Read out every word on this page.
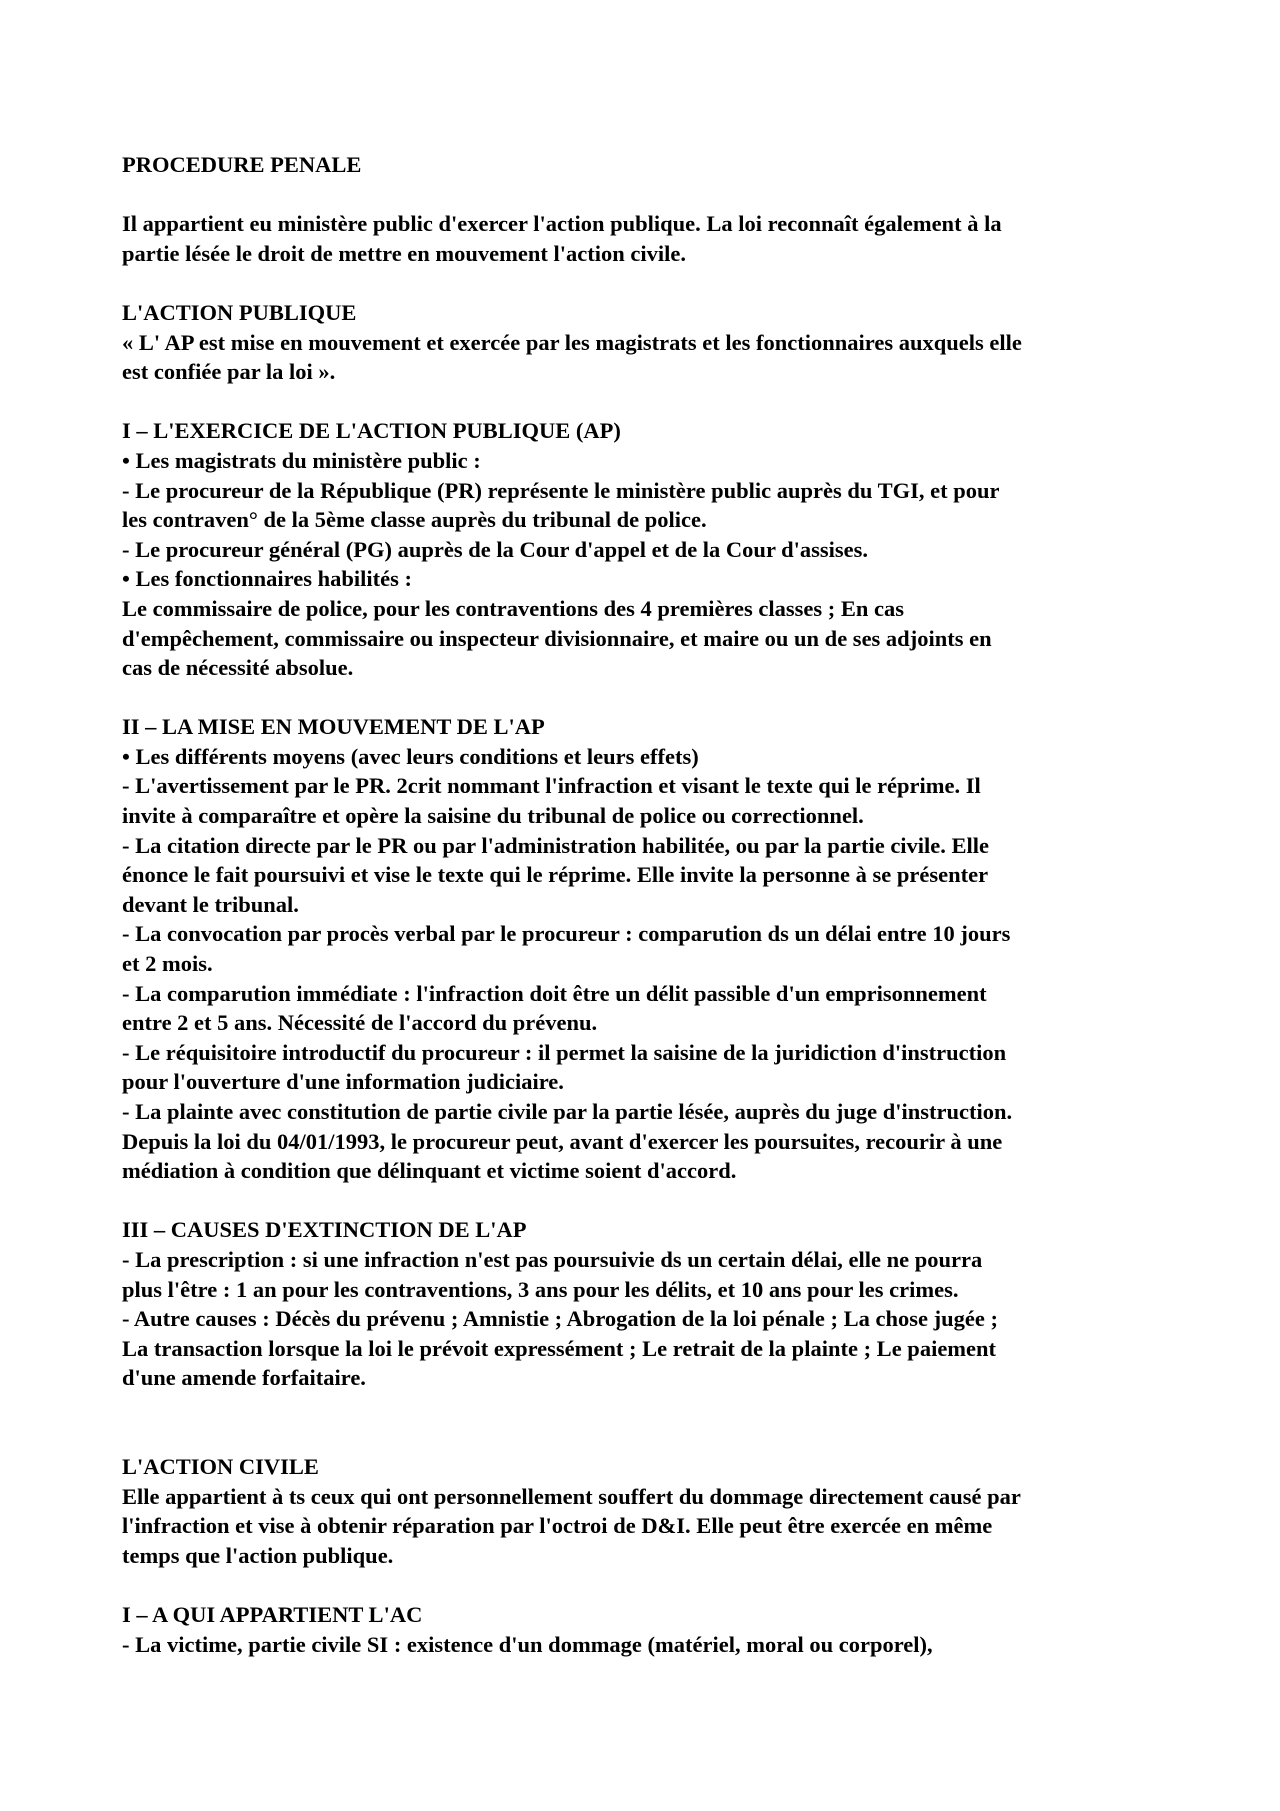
PROCEDURE PENALE
Il appartient eu ministère public d'exercer l'action publique. La loi reconnaît également à la
partie lésée le droit de mettre en mouvement l'action civile.
L'ACTION PUBLIQUE
« L' AP est mise en mouvement et exercée par les magistrats et les fonctionnaires auxquels elle
est confiée par la loi ».
I – L'EXERCICE DE L'ACTION PUBLIQUE (AP)
• Les magistrats du ministère public :
- Le procureur de la République (PR) représente le ministère public auprès du TGI, et pour
les contraven° de la 5ème classe auprès du tribunal de police.
- Le procureur général (PG) auprès de la Cour d'appel et de la Cour d'assises.
• Les fonctionnaires habilités :
Le commissaire de police, pour les contraventions des 4 premières classes ; En cas
d'empêchement, commissaire ou inspecteur divisionnaire, et maire ou un de ses adjoints en
cas de nécessité absolue.
II – LA MISE EN MOUVEMENT DE L'AP
• Les différents moyens (avec leurs conditions et leurs effets)
- L'avertissement par le PR. 2crit nommant l'infraction et visant le texte qui le réprime. Il
invite à comparaître et opère la saisine du tribunal de police ou correctionnel.
- La citation directe par le PR ou par l'administration habilitée, ou par la partie civile. Elle
énonce le fait poursuivi et vise le texte qui le réprime. Elle invite la personne à se présenter
devant le tribunal.
- La convocation par procès verbal par le procureur : comparution ds un délai entre 10 jours
et 2 mois.
- La comparution immédiate : l'infraction doit être un délit passible d'un emprisonnement
entre 2 et 5 ans. Nécessité de l'accord du prévenu.
- Le réquisitoire introductif du procureur : il permet la saisine de la juridiction d'instruction
pour l'ouverture d'une information judiciaire.
- La plainte avec constitution de partie civile par la partie lésée, auprès du juge d'instruction.
Depuis la loi du 04/01/1993, le procureur peut, avant d'exercer les poursuites, recourir à une
médiation à condition que délinquant et victime soient d'accord.
III – CAUSES D'EXTINCTION DE L'AP
- La prescription : si une infraction n'est pas poursuivie ds un certain délai, elle ne pourra
plus l'être : 1 an pour les contraventions, 3 ans pour les délits, et 10 ans pour les crimes.
- Autre causes : Décès du prévenu ; Amnistie ; Abrogation de la loi pénale ; La chose jugée ;
La transaction lorsque la loi le prévoit expressément ; Le retrait de la plainte ; Le paiement
d'une amende forfaitaire.
L'ACTION CIVILE
Elle appartient à ts ceux qui ont personnellement souffert du dommage directement causé par
l'infraction et vise à obtenir réparation par l'octroi de D&I. Elle peut être exercée en même
temps que l'action publique.
I – A QUI APPARTIENT L'AC
- La victime, partie civile SI : existence d'un dommage (matériel, moral ou corporel),
